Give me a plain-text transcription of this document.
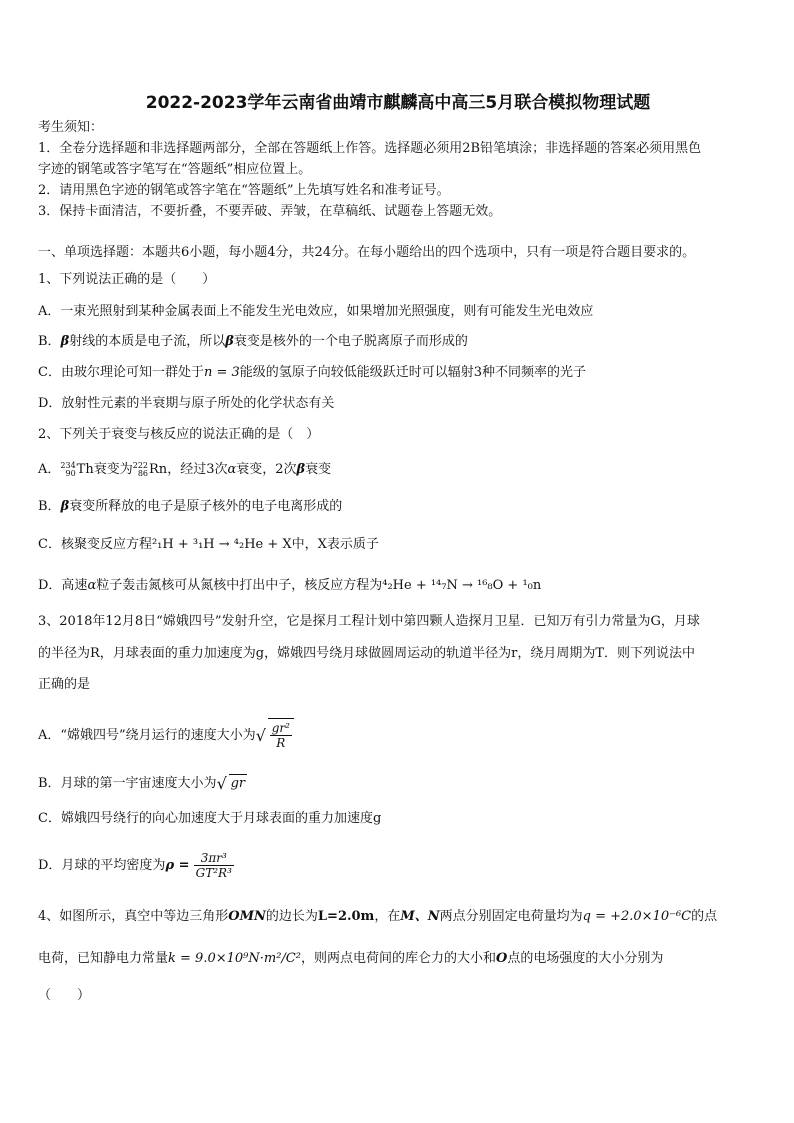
2022-2023学年云南省曲靖市麒麟高中高三5月联合模拟物理试题
考生须知：
1．全卷分选择题和非选择题两部分，全部在答题纸上作答。选择题必须用2B铅笔填涂；非选择题的答案必须用黑色
字迹的钢笔或答字笔写在“答题纸”相应位置上。
2．请用黑色字迹的钢笔或答字笔在“答题纸”上先填写姓名和准考证号。
3．保持卡面清洁，不要折叠，不要弄破、弄皱，在草稿纸、试题卷上答题无效。
一、单项选择题：本题共6小题，每小题4分，共24分。在每小题给出的四个选项中，只有一项是符合题目要求的。
1、下列说法正确的是（　　）
A．一束光照射到某种金属表面上不能发生光电效应，如果增加光照强度，则有可能发生光电效应
B．β射线的本质是电子流，所以β衰变是核外的一个电子脱离原子而形成的
C．由玻尔理论可知一群处于n = 3能级的氢原子向较低能级跃迁时可以辐射3种不同频率的光子
D．放射性元素的半衰期与原子所处的化学状态有关
2、下列关于衰变与核反应的说法正确的是（　）
A． 234
90 Th衰变为 222
86 Rn，经过3次α衰变，2次β衰变
B．β衰变所释放的电子是原子核外的电子电离形成的
C．核聚变反应方程²₁H + ³₁H → ⁴₂He + X中，X表示质子
D．高速α粒子轰击氮核可从氮核中打出中子，核反应方程为⁴₂He + ¹⁴₇N → ¹⁶₈O + ¹₀n
3、2018年12月8日“嫦娥四号”发射升空，它是探月工程计划中第四颗人造探月卫星．已知万有引力常量为G，月球
的半径为R，月球表面的重力加速度为g，嫦娥四号绕月球做圆周运动的轨道半径为r，绕月周期为T．则下列说法中
正确的是
A．“嫦娥四号”绕月运行的速度大小为 √ $\frac{\text{gr²}}{R}$
B．月球的第一宇宙速度大小为 √ gr
C．嫦娥四号绕行的向心加速度大于月球表面的重力加速度g
D．月球的平均密度为$\rho = \frac{\text{3πr³}}{\text{GT²R³}}$
4、如图所示，真空中等边三角形OMN的边长为L=2.0m，在M、N两点分别固定电荷量均为q = +2.0×10⁻⁶C的点
电荷，已知静电力常量k = 9.0×10⁹N·m²/C²，则两点电荷间的库仑力的大小和O点的电场强度的大小分别为
（　　）
